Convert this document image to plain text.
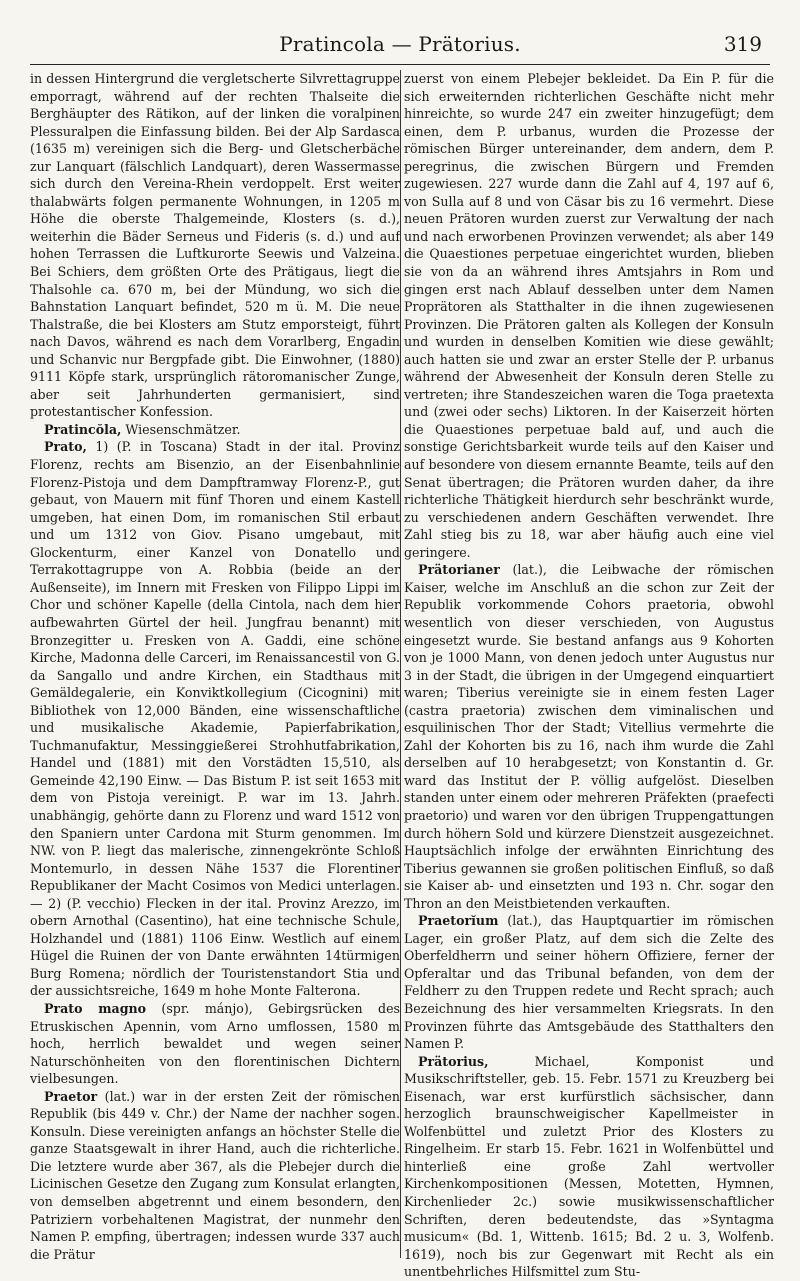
Pratincola — Prätorius.	319

in dessen Hintergrund die vergletscherte Silvrettagruppe emporragt, während auf der rechten Thalseite die Berghäupter des Rätikon, auf der linken die voralpinen Plessuralpen die Einfassung bilden. Bei der Alp Sardasca (1635 m) vereinigen sich die Berg- und Gletscherbäche zur Lanquart (fälschlich Landquart), deren Wassermasse sich durch den Vereina-Rhein verdoppelt. Erst weiter thalabwärts folgen permanente Wohnungen, in 1205 m Höhe die oberste Thalgemeinde, Klosters (s. d.), weiterhin die Bäder Serneus und Fideris (s. d.) und auf hohen Terrassen die Luftkurorte Seewis und Valzeina. Bei Schiers, dem größten Orte des Prätigaus, liegt die Thalsohle ca. 670 m, bei der Mündung, wo sich die Bahnstation Lanquart befindet, 520 m ü. M. Die neue Thalstraße, die bei Klosters am Stutz emporsteigt, führt nach Davos, während es nach dem Vorarlberg, Engadin und Schanvic nur Bergpfade gibt. Die Einwohner, (1880) 9111 Köpfe stark, ursprünglich rätoromanischer Zunge, aber seit Jahrhunderten germanisiert, sind protestantischer Konfession.

Pratincŏla, Wiesenschmätzer.

Prato, 1) (P. in Toscana) Stadt in der ital. Provinz Florenz, rechts am Bisenzio, an der Eisenbahnlinie Florenz-Pistoja und dem Dampftramway Florenz-P., gut gebaut, von Mauern mit fünf Thoren und einem Kastell umgeben, hat einen Dom, im romanischen Stil erbaut und um 1312 von Giov. Pisano umgebaut, mit Glockenturm, einer Kanzel von Donatello und Terrakottagruppe von A. Robbia (beide an der Außenseite), im Innern mit Fresken von Filippo Lippi im Chor und schöner Kapelle (della Cintola, nach dem hier aufbewahrten Gürtel der heil. Jungfrau benannt) mit Bronzegitter u. Fresken von A. Gaddi, eine schöne Kirche, Madonna delle Carceri, im Renaissancestil von G. da Sangallo und andre Kirchen, ein Stadthaus mit Gemäldegalerie, ein Konviktkollegium (Cicognini) mit Bibliothek von 12,000 Bänden, eine wissenschaftliche und musikalische Akademie, Papierfabrikation, Tuchmanufaktur, Messinggießerei Strohhutfabrikation, Handel und (1881) mit den Vorstädten 15,510, als Gemeinde 42,190 Einw. — Das Bistum P. ist seit 1653 mit dem von Pistoja vereinigt. P. war im 13. Jahrh. unabhängig, gehörte dann zu Florenz und ward 1512 von den Spaniern unter Cardona mit Sturm genommen. Im NW. von P. liegt das malerische, zinnengekrönte Schloß Montemurlo, in dessen Nähe 1537 die Florentiner Republikaner der Macht Cosimos von Medici unterlagen. — 2) (P. vecchio) Flecken in der ital. Provinz Arezzo, im obern Arnothal (Casentino), hat eine technische Schule, Holzhandel und (1881) 1106 Einw. Westlich auf einem Hügel die Ruinen der von Dante erwähnten 14türmigen Burg Romena; nördlich der Touristenstandort Stia und der aussichtsreiche, 1649 m hohe Monte Falterona.

Prato magno (spr. mánjo), Gebirgsrücken des Etruskischen Apennin, vom Arno umflossen, 1580 m hoch, herrlich bewaldet und wegen seiner Naturschönheiten von den florentinischen Dichtern vielbesungen.

Praetor (lat.) war in der ersten Zeit der römischen Republik (bis 449 v. Chr.) der Name der nachher sogen. Konsuln. Diese vereinigten anfangs an höchster Stelle die ganze Staatsgewalt in ihrer Hand, auch die richterliche. Die letztere wurde aber 367, als die Plebejer durch die Licinischen Gesetze den Zugang zum Konsulat erlangten, von demselben abgetrennt und einem besondern, den Patriziern vorbehaltenen Magistrat, der nunmehr den Namen P. empfing, übertragen; indessen wurde 337 auch die Prätur

zuerst von einem Plebejer bekleidet. Da Ein P. für die sich erweiternden richterlichen Geschäfte nicht mehr hinreichte, so wurde 247 ein zweiter hinzugefügt; dem einen, dem P. urbanus, wurden die Prozesse der römischen Bürger untereinander, dem andern, dem P. peregrinus, die zwischen Bürgern und Fremden zugewiesen. 227 wurde dann die Zahl auf 4, 197 auf 6, von Sulla auf 8 und von Cäsar bis zu 16 vermehrt. Diese neuen Prätoren wurden zuerst zur Verwaltung der nach und nach erworbenen Provinzen verwendet; als aber 149 die Quaestiones perpetuae eingerichtet wurden, blieben sie von da an während ihres Amtsjahrs in Rom und gingen erst nach Ablauf desselben unter dem Namen Proprätoren als Statthalter in die ihnen zugewiesenen Provinzen. Die Prätoren galten als Kollegen der Konsuln und wurden in denselben Komitien wie diese gewählt; auch hatten sie und zwar an erster Stelle der P. urbanus während der Abwesenheit der Konsuln deren Stelle zu vertreten; ihre Standeszeichen waren die Toga praetexta und (zwei oder sechs) Liktoren. In der Kaiserzeit hörten die Quaestiones perpetuae bald auf, und auch die sonstige Gerichtsbarkeit wurde teils auf den Kaiser und auf besondere von diesem ernannte Beamte, teils auf den Senat übertragen; die Prätoren wurden daher, da ihre richterliche Thätigkeit hierdurch sehr beschränkt wurde, zu verschiedenen andern Geschäften verwendet. Ihre Zahl stieg bis zu 18, war aber häufig auch eine viel geringere.

Prätorianer (lat.), die Leibwache der römischen Kaiser, welche im Anschluß an die schon zur Zeit der Republik vorkommende Cohors praetoria, obwohl wesentlich von dieser verschieden, von Augustus eingesetzt wurde. Sie bestand anfangs aus 9 Kohorten von je 1000 Mann, von denen jedoch unter Augustus nur 3 in der Stadt, die übrigen in der Umgegend einquartiert waren; Tiberius vereinigte sie in einem festen Lager (castra praetoria) zwischen dem viminalischen und esquilinischen Thor der Stadt; Vitellius vermehrte die Zahl der Kohorten bis zu 16, nach ihm wurde die Zahl derselben auf 10 herabgesetzt; von Konstantin d. Gr. ward das Institut der P. völlig aufgelöst. Dieselben standen unter einem oder mehreren Präfekten (praefecti praetorio) und waren vor den übrigen Truppengattungen durch höhern Sold und kürzere Dienstzeit ausgezeichnet. Hauptsächlich infolge der erwähnten Einrichtung des Tiberius gewannen sie großen politischen Einfluß, so daß sie Kaiser ab- und einsetzten und 193 n. Chr. sogar den Thron an den Meistbietenden verkauften.

Praetorĭum (lat.), das Hauptquartier im römischen Lager, ein großer Platz, auf dem sich die Zelte des Oberfeldherrn und seiner höhern Offiziere, ferner der Opferaltar und das Tribunal befanden, von dem der Feldherr zu den Truppen redete und Recht sprach; auch Bezeichnung des hier versammelten Kriegsrats. In den Provinzen führte das Amtsgebäude des Statthalters den Namen P.

Prätorius, Michael, Komponist und Musikschriftsteller, geb. 15. Febr. 1571 zu Kreuzberg bei Eisenach, war erst kurfürstlich sächsischer, dann herzoglich braunschweigischer Kapellmeister in Wolfenbüttel und zuletzt Prior des Klosters zu Ringelheim. Er starb 15. Febr. 1621 in Wolfenbüttel und hinterließ eine große Zahl wertvoller Kirchenkompositionen (Messen, Motetten, Hymnen, Kirchenlieder 2c.) sowie musikwissenschaftlicher Schriften, deren bedeutendste, das »Syntagma musicum« (Bd. 1, Wittenb. 1615; Bd. 2 u. 3, Wolfenb. 1619), noch bis zur Gegenwart mit Recht als ein unentbehrliches Hilfsmittel zum Stu-
